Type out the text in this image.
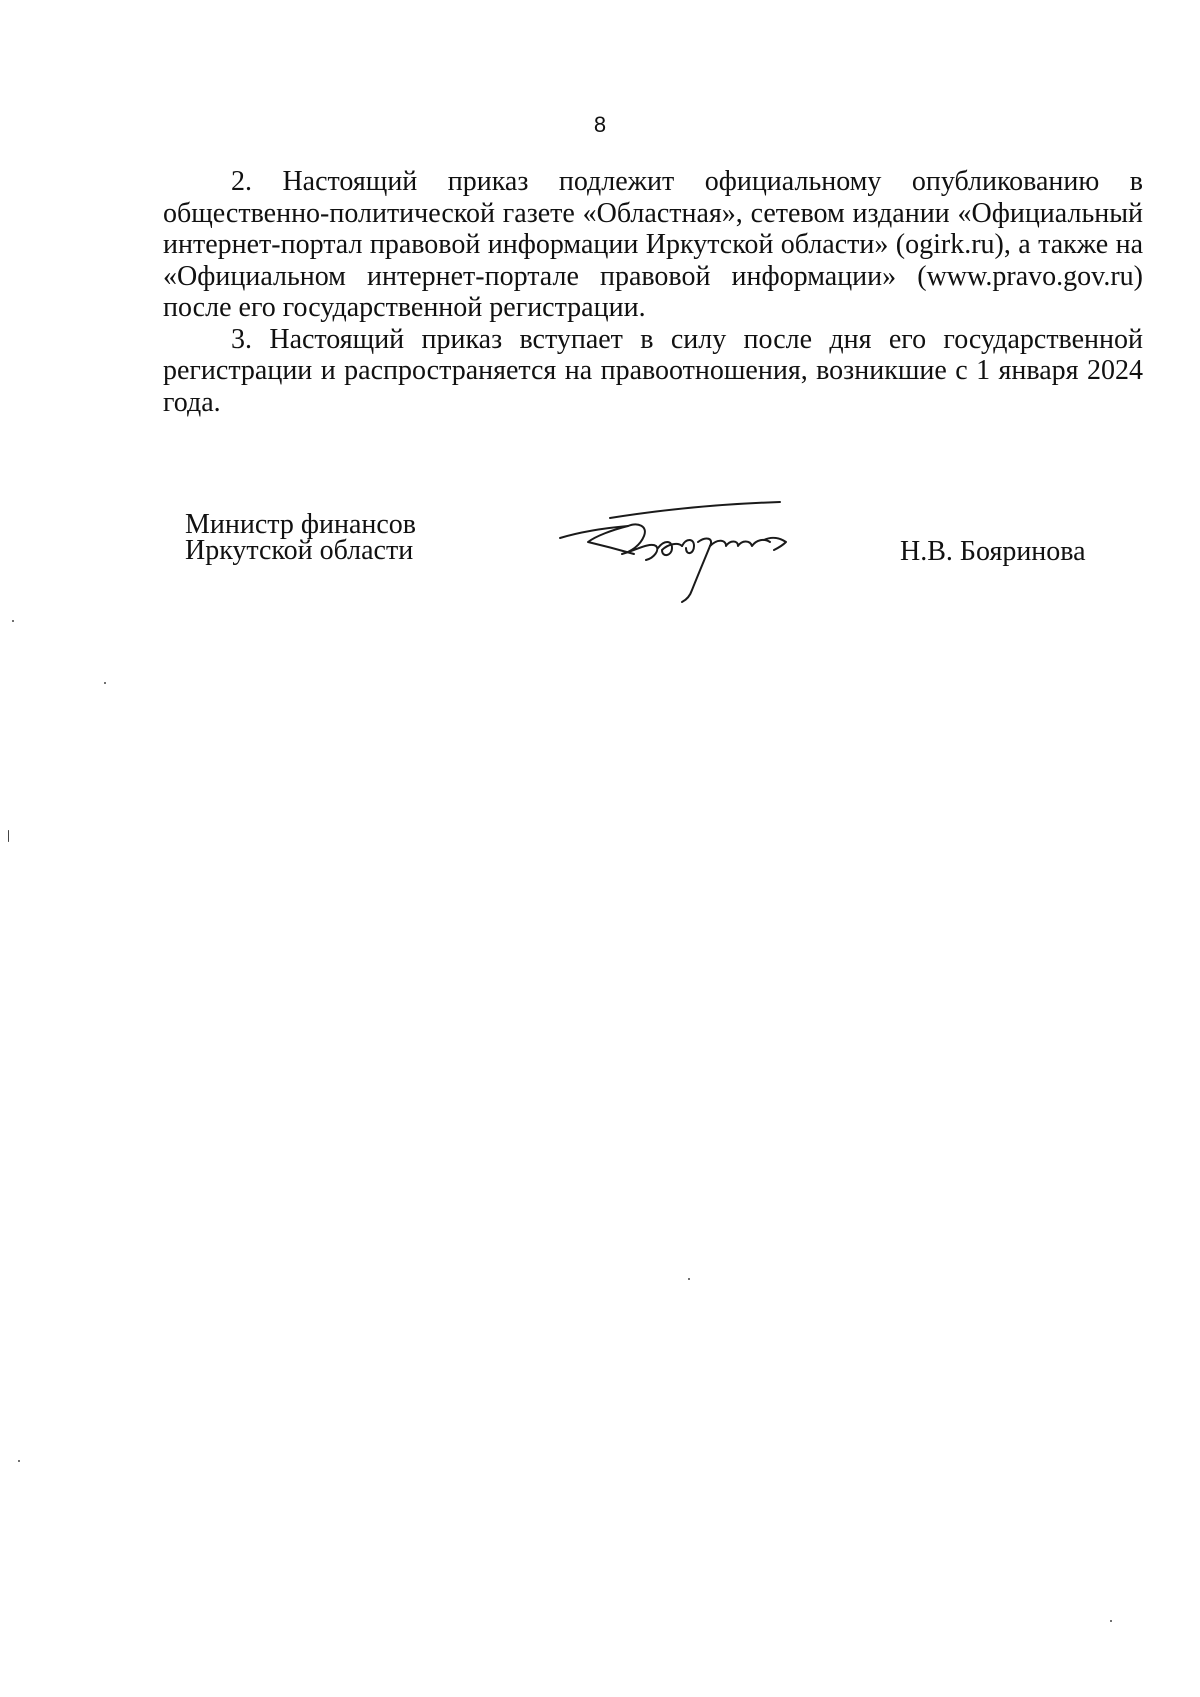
8

2. Настоящий приказ подлежит официальному опубликованию в общественно-политической газете «Областная», сетевом издании «Официальный интернет-портал правовой информации Иркутской области» (ogirk.ru), а также на «Официальном интернет-портале правовой информации» (www.pravo.gov.ru) после его государственной регистрации.

3. Настоящий приказ вступает в силу после дня его государственной регистрации и распространяется на правоотношения, возникшие с 1 января 2024 года.

Министр финансов
Иркутской области	Н.В. Бояринова
